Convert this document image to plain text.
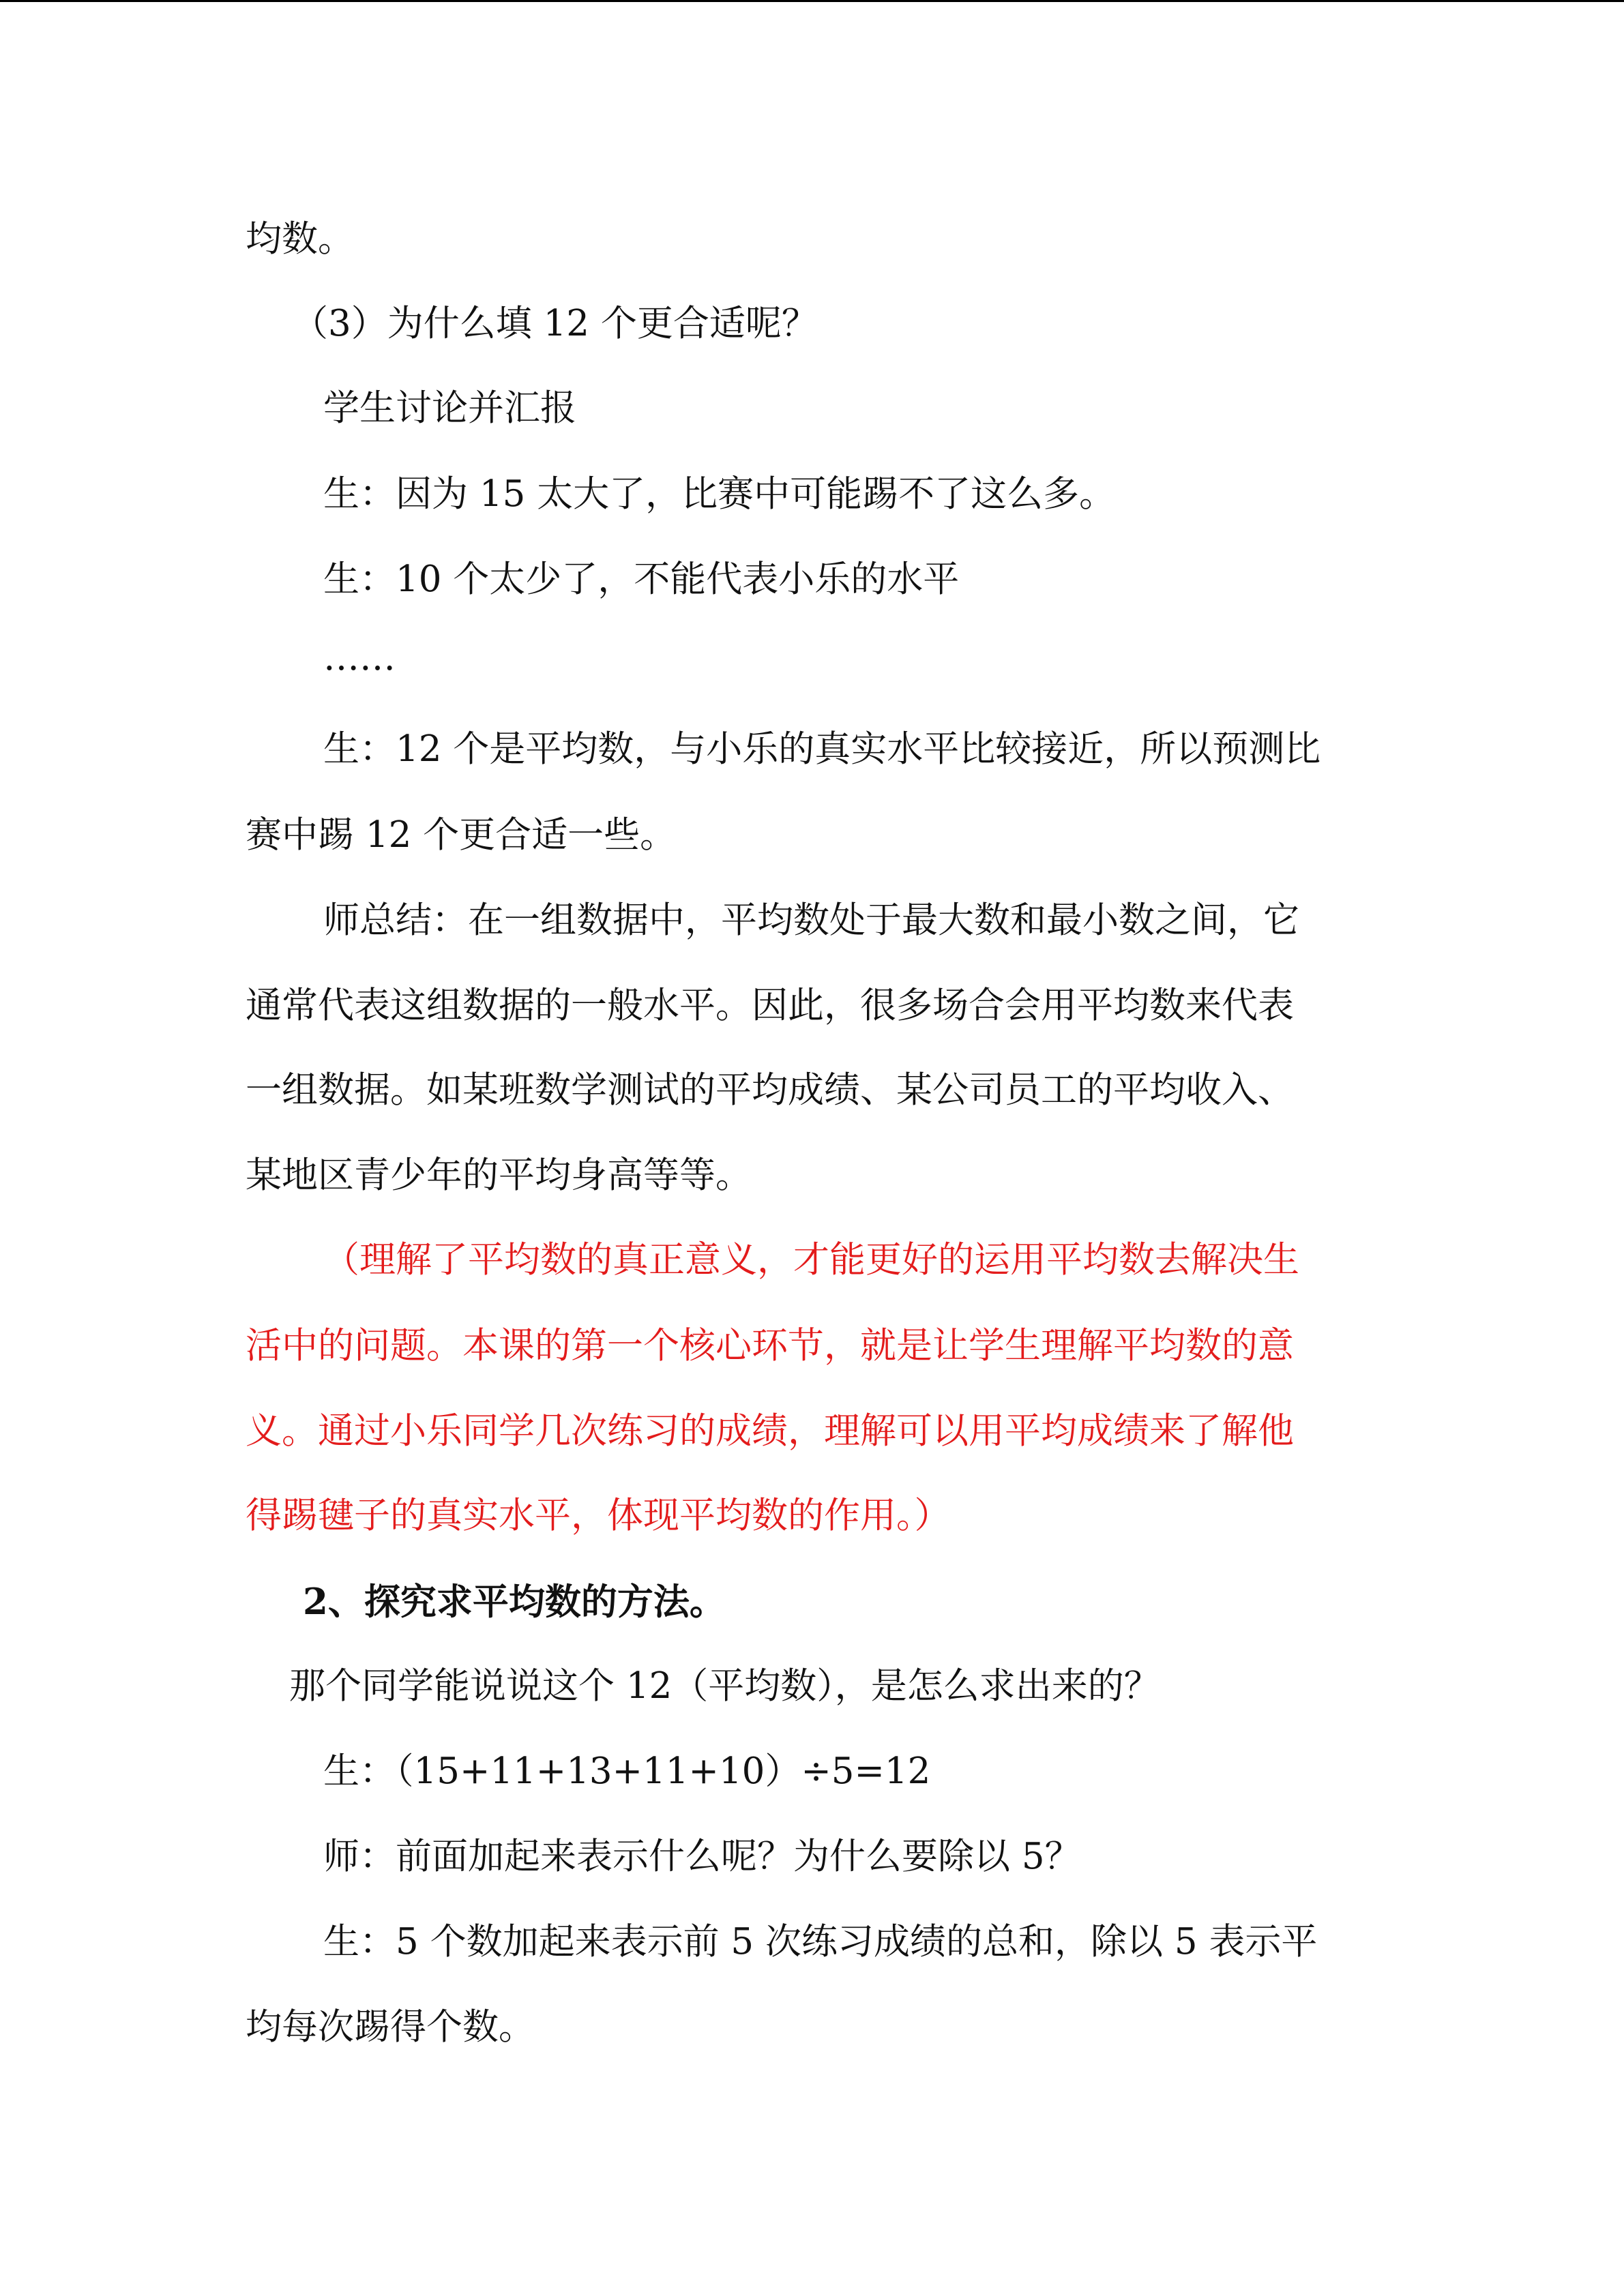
均数。
（3）为什么填 12 个更合适呢？
学生讨论并汇报
生：因为 15 太大了，比赛中可能踢不了这么多。
生：10 个太少了，不能代表小乐的水平
……
生：12 个是平均数，与小乐的真实水平比较接近，所以预测比
赛中踢 12 个更合适一些。
师总结：在一组数据中，平均数处于最大数和最小数之间，它
通常代表这组数据的一般水平。因此，很多场合会用平均数来代表
一组数据。如某班数学测试的平均成绩、某公司员工的平均收入、
某地区青少年的平均身高等等。
（理解了平均数的真正意义，才能更好的运用平均数去解决生
活中的问题。本课的第一个核心环节，就是让学生理解平均数的意
义。通过小乐同学几次练习的成绩，理解可以用平均成绩来了解他
得踢毽子的真实水平，体现平均数的作用。）
2、探究求平均数的方法。
那个同学能说说这个 12（平均数），是怎么求出来的？
生：（15+11+13+11+10）÷5=12
师：前面加起来表示什么呢？为什么要除以 5？
生：5 个数加起来表示前 5 次练习成绩的总和，除以 5 表示平
均每次踢得个数。
